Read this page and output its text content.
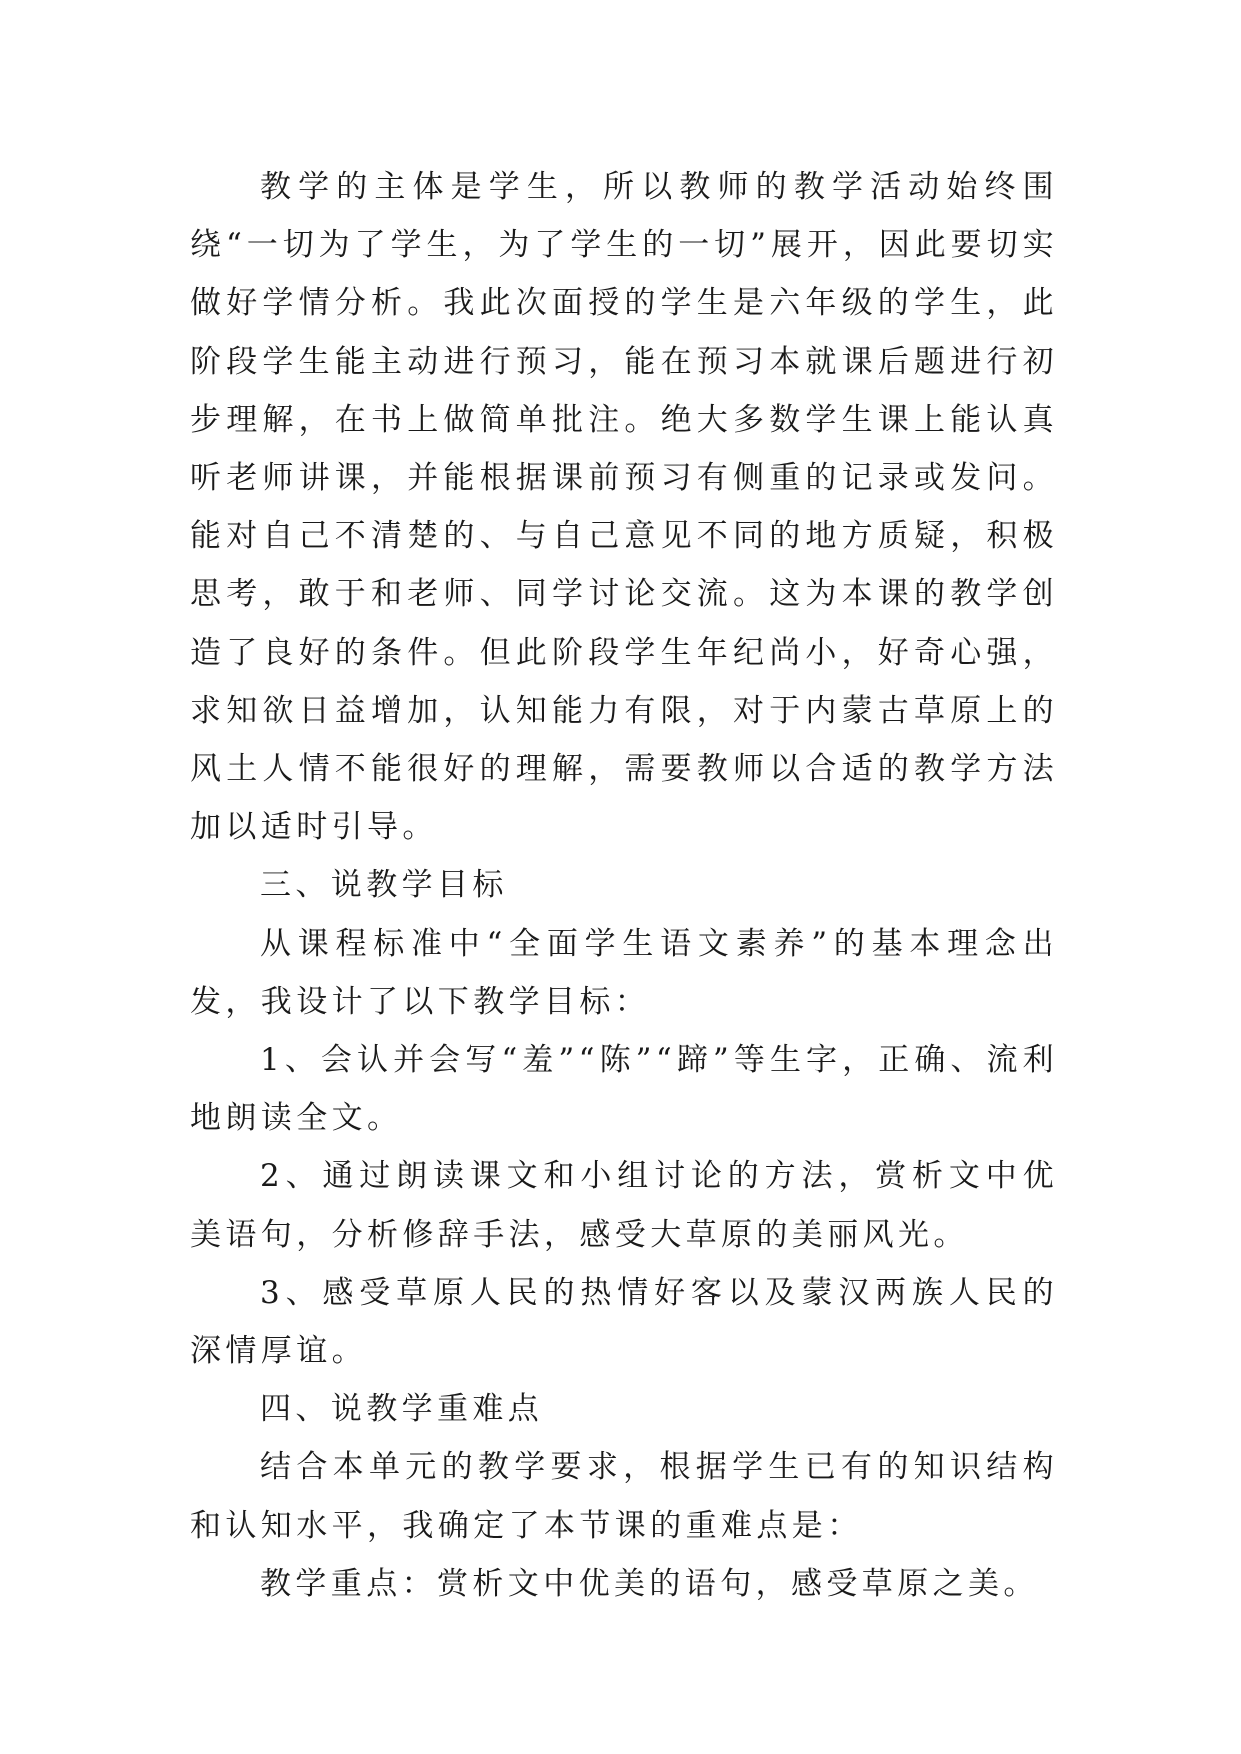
教学的主体是学生，所以教师的教学活动始终围绕“一切为了学生，为了学生的一切”展开，因此要切实做好学情分析。我此次面授的学生是六年级的学生，此阶段学生能主动进行预习，能在预习本就课后题进行初步理解，在书上做简单批注。绝大多数学生课上能认真听老师讲课，并能根据课前预习有侧重的记录或发问。能对自己不清楚的、与自己意见不同的地方质疑，积极思考，敢于和老师、同学讨论交流。这为本课的教学创造了良好的条件。但此阶段学生年纪尚小，好奇心强，求知欲日益增加，认知能力有限，对于内蒙古草原上的风土人情不能很好的理解，需要教师以合适的教学方法加以适时引导。

三、说教学目标

从课程标准中“全面学生语文素养”的基本理念出发，我设计了以下教学目标：

1、会认并会写“羞”“陈”“蹄”等生字，正确、流利地朗读全文。

2、通过朗读课文和小组讨论的方法，赏析文中优美语句，分析修辞手法，感受大草原的美丽风光。

3、感受草原人民的热情好客以及蒙汉两族人民的深情厚谊。

四、说教学重难点

结合本单元的教学要求，根据学生已有的知识结构和认知水平，我确定了本节课的重难点是：

教学重点：赏析文中优美的语句，感受草原之美。
